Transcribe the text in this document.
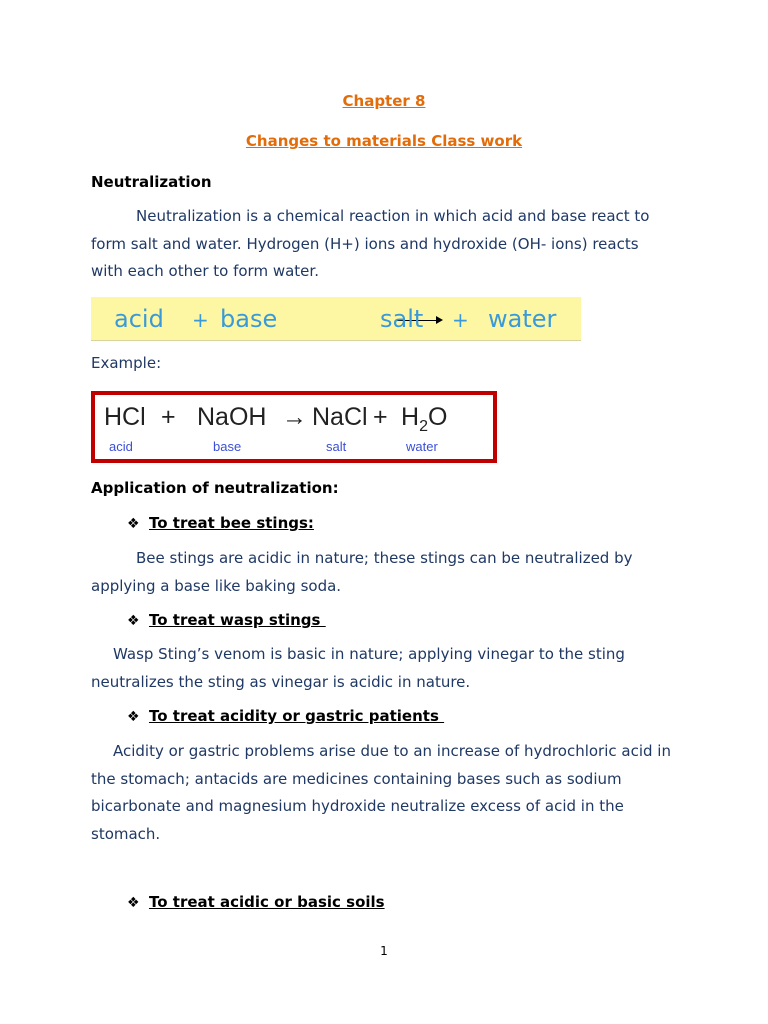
Chapter 8
Changes to materials Class work
Neutralization
Neutralization is a chemical reaction in which acid and base react to
form salt and water. Hydrogen (H+) ions and hydroxide (OH- ions) reacts
with each other to form water.
acid + base	salt + water
Example:
HCl + NaOH → NaCl + $H_2O$
acid	base	salt	water
Application of neutralization:
❖ To treat bee stings:
Bee stings are acidic in nature; these stings can be neutralized by
applying a base like baking soda.
❖ To treat wasp stings
Wasp Sting’s venom is basic in nature; applying vinegar to the sting
neutralizes the sting as vinegar is acidic in nature.
❖ To treat acidity or gastric patients
Acidity or gastric problems arise due to an increase of hydrochloric acid in
the stomach; antacids are medicines containing bases such as sodium
bicarbonate and magnesium hydroxide neutralize excess of acid in the
stomach.
❖ To treat acidic or basic soils
1
